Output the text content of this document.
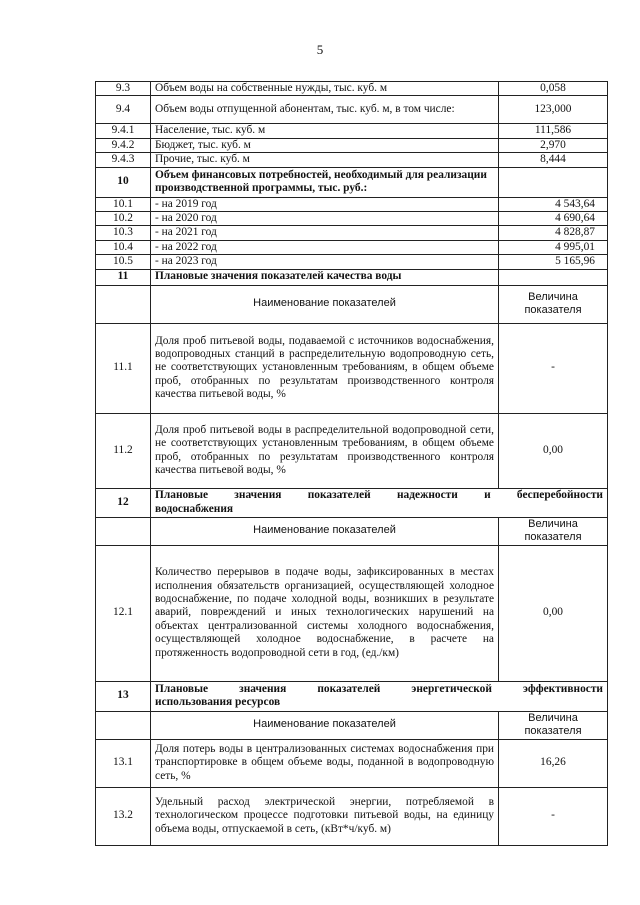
5
9.3	Объем воды на собственные нужды, тыс. куб. м	0,058
9.4	Объем воды отпущенной абонентам, тыс. куб. м, в том числе:	123,000
9.4.1	Население, тыс. куб. м	111,586
9.4.2	Бюджет, тыс. куб. м	2,970
9.4.3	Прочие, тыс. куб. м	8,444
10	Объем финансовых потребностей, необходимый для реализации производственной программы, тыс. руб.:	
10.1	- на 2019 год	4 543,64
10.2	- на 2020 год	4 690,64
10.3	- на 2021 год	4 828,87
10.4	- на 2022 год	4 995,01
10.5	- на 2023 год	5 165,96
11	Плановые значения показателей качества воды	
	Наименование показателей	Величина
показателя
11.1	Доля проб питьевой воды, подаваемой с источников водоснабжения, водопроводных станций в распределительную водопроводную сеть, не соответствующих установленным требованиям, в общем объеме проб, отобранных по результатам производственного контроля качества питьевой воды, %	-
11.2	Доля проб питьевой воды в распределительной водопроводной сети, не соответствующих установленным требованиям, в общем объеме проб, отобранных по результатам производственного контроля качества питьевой воды, %	0,00
12	Плановые значения показателей надежности и бесперебойности
водоснабжения	

	Наименование показателей	Величина
показателя
12.1	Количество перерывов в подаче воды, зафиксированных в местах исполнения обязательств организацией, осуществляющей холодное водоснабжение, по подаче холодной воды, возникших в результате аварий, повреждений и иных технологических нарушений на объектах централизованной системы холодного водоснабжения, осуществляющей холодное водоснабжение, в расчете на протяженность водопроводной сети в год, (ед./км)	0,00
13	Плановые значения показателей энергетической эффективности
использования ресурсов	

	Наименование показателей	Величина
показателя
13.1	Доля потерь воды в централизованных системах водоснабжения при транспортировке в общем объеме воды, поданной в водопроводную сеть, %	16,26
13.2	Удельный расход электрической энергии, потребляемой в технологическом процессе подготовки питьевой воды, на единицу объема воды, отпускаемой в сеть, (кВт*ч/куб. м)	-
